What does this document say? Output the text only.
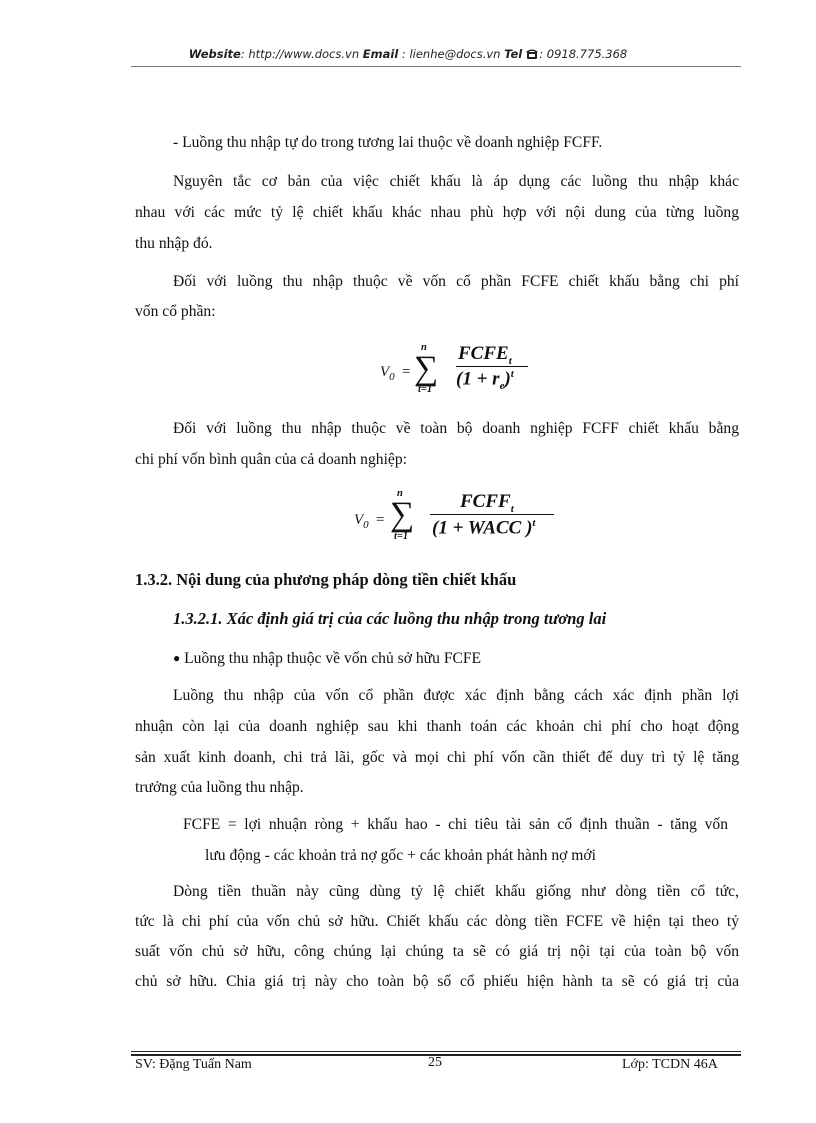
Website: http://www.docs.vn Email : lienhe@docs.vn Tel : 0918.775.368
- Luồng thu nhập tự do trong tương lai thuộc về doanh nghiệp FCFF.
Nguyên tắc cơ bản của việc chiết khấu là áp dụng các luồng thu nhập khác
nhau với các mức tỷ lệ chiết khấu khác nhau phù hợp với nội dung của từng luồng
thu nhập đó.
Đối với luồng thu nhập thuộc về vốn cổ phần FCFE chiết khấu bằng chi phí
vốn cổ phần:
$V_0$ =
n
∑
t=1
$FCFE_t$
$(1 + r_e)^t$
Đối với luồng thu nhập thuộc về toàn bộ doanh nghiệp FCFF chiết khấu bằng
chi phí vốn bình quân của cả doanh nghiệp:
$V_0$ =
n
∑
t=1
$FCFF_t$
(1 + WACC )$^t$
1.3.2. Nội dung của phương pháp dòng tiền chiết khấu
1.3.2.1. Xác định giá trị của các luồng thu nhập trong tương lai
● Luồng thu nhập thuộc về vốn chủ sở hữu FCFE
Luồng thu nhập của vốn cổ phần được xác định bằng cách xác định phần lợi
nhuận còn lại của doanh nghiệp sau khi thanh toán các khoản chi phí cho hoạt động
sản xuất kinh doanh, chi trả lãi, gốc và mọi chi phí vốn cần thiết để duy trì tỷ lệ tăng
trưởng của luồng thu nhập.
FCFE = lợi nhuận ròng + khấu hao - chi tiêu tài sản cố định thuần - tăng vốn
lưu động - các khoản trả nợ gốc + các khoản phát hành nợ mới
Dòng tiền thuần này cũng dùng tỷ lệ chiết khấu giống như dòng tiền cổ tức,
tức là chi phí của vốn chủ sở hữu. Chiết khấu các dòng tiền FCFE về hiện tại theo tỷ
suất vốn chủ sở hữu, công chúng lại chúng ta sẽ có giá trị nội tại của toàn bộ vốn
chủ sở hữu. Chia giá trị này cho toàn bộ số cổ phiếu hiện hành ta sẽ có giá trị của
SV: Đặng Tuấn Nam	25	Lớp: TCDN 46A
